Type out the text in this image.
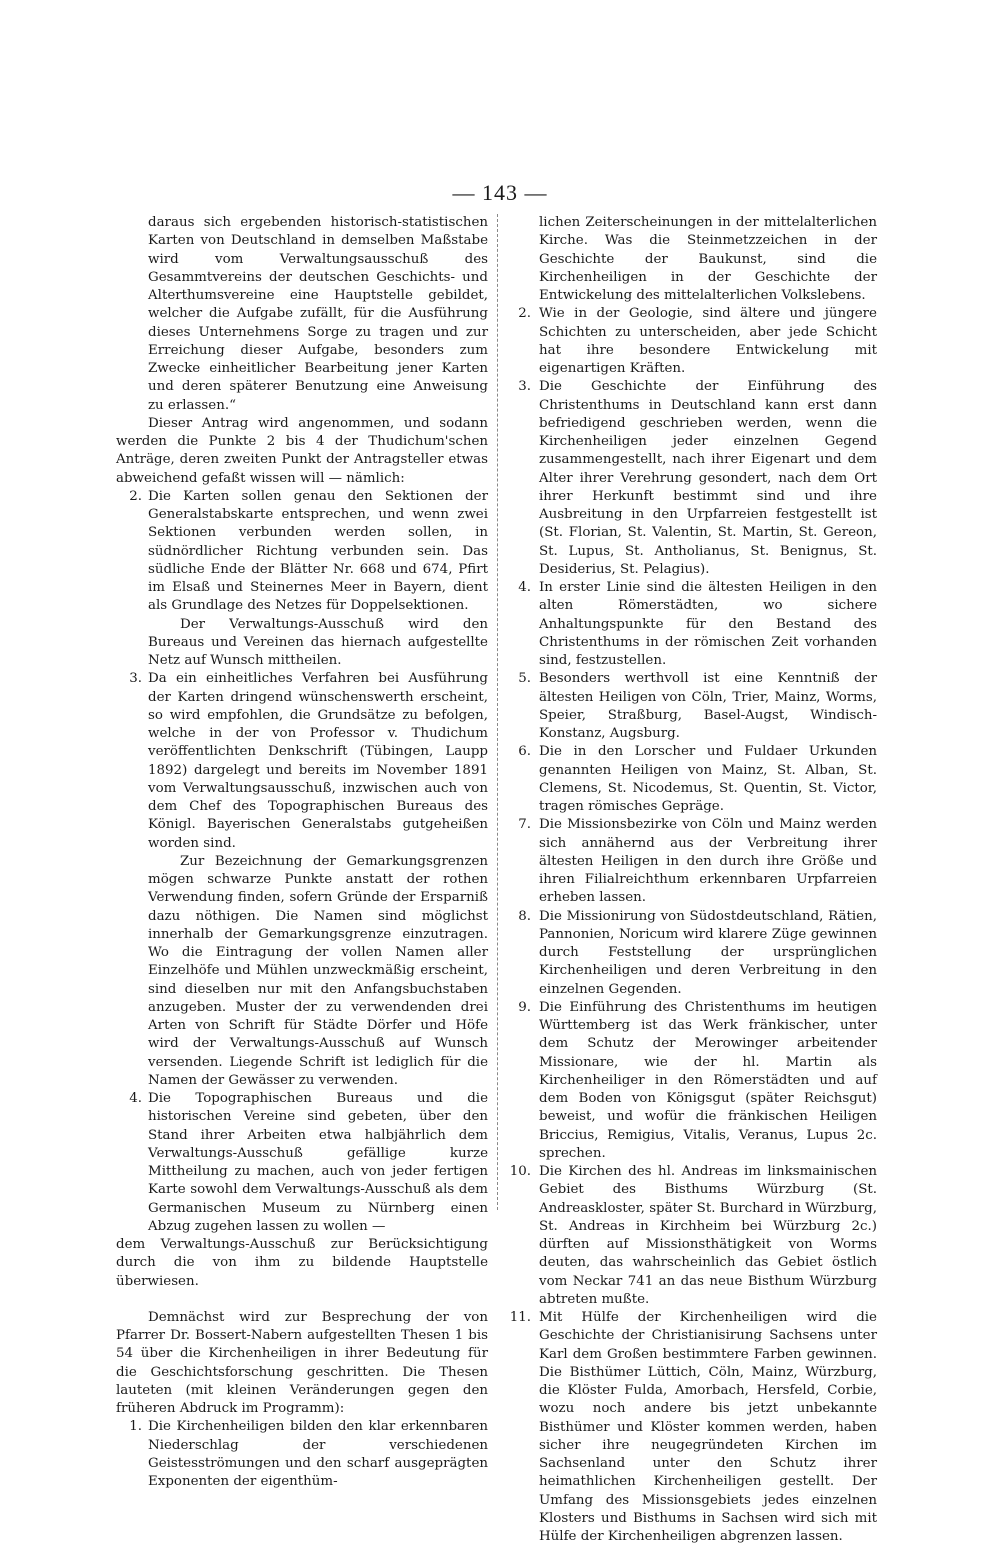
— 143 —

daraus sich ergebenden historisch-statistischen Karten von Deutschland in demselben Maßstabe wird vom Verwaltungsausschuß des Gesammtvereins der deutschen Geschichts- und Alterthumsvereine eine Hauptstelle gebildet, welcher die Aufgabe zufällt, für die Ausführung dieses Unternehmens Sorge zu tragen und zur Erreichung dieser Aufgabe, besonders zum Zwecke einheitlicher Bearbeitung jener Karten und deren späterer Benutzung eine Anweisung zu erlassen.“

Dieser Antrag wird angenommen, und sodann werden die Punkte 2 bis 4 der Thudichum'schen Anträge, deren zweiten Punkt der Antragsteller etwas abweichend gefaßt wissen will — nämlich:

2. Die Karten sollen genau den Sektionen der Generalstabskarte entsprechen, und wenn zwei Sektionen verbunden werden sollen, in südnördlicher Richtung verbunden sein. Das südliche Ende der Blätter Nr. 668 und 674, Pfirt im Elsaß und Steinernes Meer in Bayern, dient als Grundlage des Netzes für Doppelsektionen.

Der Verwaltungs-Ausschuß wird den Bureaus und Vereinen das hiernach aufgestellte Netz auf Wunsch mittheilen.

3. Da ein einheitliches Verfahren bei Ausführung der Karten dringend wünschenswerth erscheint, so wird empfohlen, die Grundsätze zu befolgen, welche in der von Professor v. Thudichum veröffentlichten Denkschrift (Tübingen, Laupp 1892) dargelegt und bereits im November 1891 vom Verwaltungsausschuß, inzwischen auch von dem Chef des Topographischen Bureaus des Königl. Bayerischen Generalstabs gutgeheißen worden sind.

Zur Bezeichnung der Gemarkungsgrenzen mögen schwarze Punkte anstatt der rothen Verwendung finden, sofern Gründe der Ersparniß dazu nöthigen. Die Namen sind möglichst innerhalb der Gemarkungsgrenze einzutragen. Wo die Eintragung der vollen Namen aller Einzelhöfe und Mühlen unzweckmäßig erscheint, sind dieselben nur mit den Anfangsbuchstaben anzugeben. Muster der zu verwendenden drei Arten von Schrift für Städte Dörfer und Höfe wird der Verwaltungs-Ausschuß auf Wunsch versenden. Liegende Schrift ist lediglich für die Namen der Gewässer zu verwenden.

4. Die Topographischen Bureaus und die historischen Vereine sind gebeten, über den Stand ihrer Arbeiten etwa halbjährlich dem Verwaltungs-Ausschuß gefällige kurze Mittheilung zu machen, auch von jeder fertigen Karte sowohl dem Verwaltungs-Ausschuß als dem Germanischen Museum zu Nürnberg einen Abzug zugehen lassen zu wollen —

dem Verwaltungs-Ausschuß zur Berücksichtigung durch die von ihm zu bildende Hauptstelle überwiesen.

Demnächst wird zur Besprechung der von Pfarrer Dr. Bossert-Nabern aufgestellten Thesen 1 bis 54 über die Kirchenheiligen in ihrer Bedeutung für die Geschichtsforschung geschritten. Die Thesen lauteten (mit kleinen Veränderungen gegen den früheren Abdruck im Programm):

1. Die Kirchenheiligen bilden den klar erkennbaren Niederschlag der verschiedenen Geistesströmungen und den scharf ausgeprägten Exponenten der eigenthüm-

lichen Zeiterscheinungen in der mittelalterlichen Kirche. Was die Steinmetzzeichen in der Geschichte der Baukunst, sind die Kirchenheiligen in der Geschichte der Entwickelung des mittelalterlichen Volkslebens.

2. Wie in der Geologie, sind ältere und jüngere Schichten zu unterscheiden, aber jede Schicht hat ihre besondere Entwickelung mit eigenartigen Kräften.

3. Die Geschichte der Einführung des Christenthums in Deutschland kann erst dann befriedigend geschrieben werden, wenn die Kirchenheiligen jeder einzelnen Gegend zusammengestellt, nach ihrer Eigenart und dem Alter ihrer Verehrung gesondert, nach dem Ort ihrer Herkunft bestimmt sind und ihre Ausbreitung in den Urpfarreien festgestellt ist (St. Florian, St. Valentin, St. Martin, St. Gereon, St. Lupus, St. Antholianus, St. Benignus, St. Desiderius, St. Pelagius).

4. In erster Linie sind die ältesten Heiligen in den alten Römerstädten, wo sichere Anhaltungspunkte für den Bestand des Christenthums in der römischen Zeit vorhanden sind, festzustellen.

5. Besonders werthvoll ist eine Kenntniß der ältesten Heiligen von Cöln, Trier, Mainz, Worms, Speier, Straßburg, Basel-Augst, Windisch-Konstanz, Augsburg.

6. Die in den Lorscher und Fuldaer Urkunden genannten Heiligen von Mainz, St. Alban, St. Clemens, St. Nicodemus, St. Quentin, St. Victor, tragen römisches Gepräge.

7. Die Missionsbezirke von Cöln und Mainz werden sich annähernd aus der Verbreitung ihrer ältesten Heiligen in den durch ihre Größe und ihren Filialreichthum erkennbaren Urpfarreien erheben lassen.

8. Die Missionirung von Südostdeutschland, Rätien, Pannonien, Noricum wird klarere Züge gewinnen durch Feststellung der ursprünglichen Kirchenheiligen und deren Verbreitung in den einzelnen Gegenden.

9. Die Einführung des Christenthums im heutigen Württemberg ist das Werk fränkischer, unter dem Schutz der Merowinger arbeitender Missionare, wie der hl. Martin als Kirchenheiliger in den Römerstädten und auf dem Boden von Königsgut (später Reichsgut) beweist, und wofür die fränkischen Heiligen Briccius, Remigius, Vitalis, Veranus, Lupus 2c. sprechen.

10. Die Kirchen des hl. Andreas im linksmainischen Gebiet des Bisthums Würzburg (St. Andreaskloster, später St. Burchard in Würzburg, St. Andreas in Kirchheim bei Würzburg 2c.) dürften auf Missionsthätigkeit von Worms deuten, das wahrscheinlich das Gebiet östlich vom Neckar 741 an das neue Bisthum Würzburg abtreten mußte.

11. Mit Hülfe der Kirchenheiligen wird die Geschichte der Christianisirung Sachsens unter Karl dem Großen bestimmtere Farben gewinnen. Die Bisthümer Lüttich, Cöln, Mainz, Würzburg, die Klöster Fulda, Amorbach, Hersfeld, Corbie, wozu noch andere bis jetzt unbekannte Bisthümer und Klöster kommen werden, haben sicher ihre neugegründeten Kirchen im Sachsenland unter den Schutz ihrer heimathlichen Kirchenheiligen gestellt. Der Umfang des Missionsgebiets jedes einzelnen Klosters und Bisthums in Sachsen wird sich mit Hülfe der Kirchenheiligen abgrenzen lassen.
